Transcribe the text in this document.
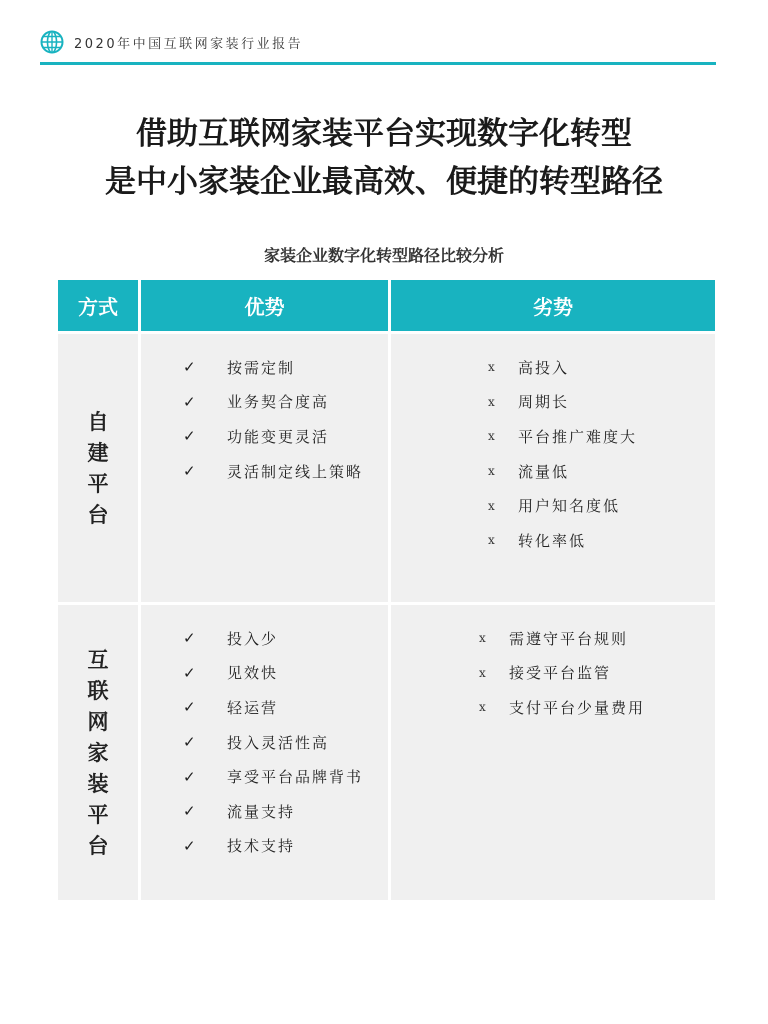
2020年中国互联网家装行业报告
借助互联网家装平台实现数字化转型
是中小家装企业最高效、便捷的转型路径
家装企业数字化转型路径比较分析
方式	优势	劣势
自建平台
✓	按需定制
✓	业务契合度高
✓	功能变更灵活
✓	灵活制定线上策略
x	高投入
x	周期长
x	平台推广难度大
x	流量低
x	用户知名度低
x	转化率低
互联网家装平台
✓	投入少
✓	见效快
✓	轻运营
✓	投入灵活性高
✓	享受平台品牌背书
✓	流量支持
✓	技术支持
x	需遵守平台规则
x	接受平台监管
x	支付平台少量费用
